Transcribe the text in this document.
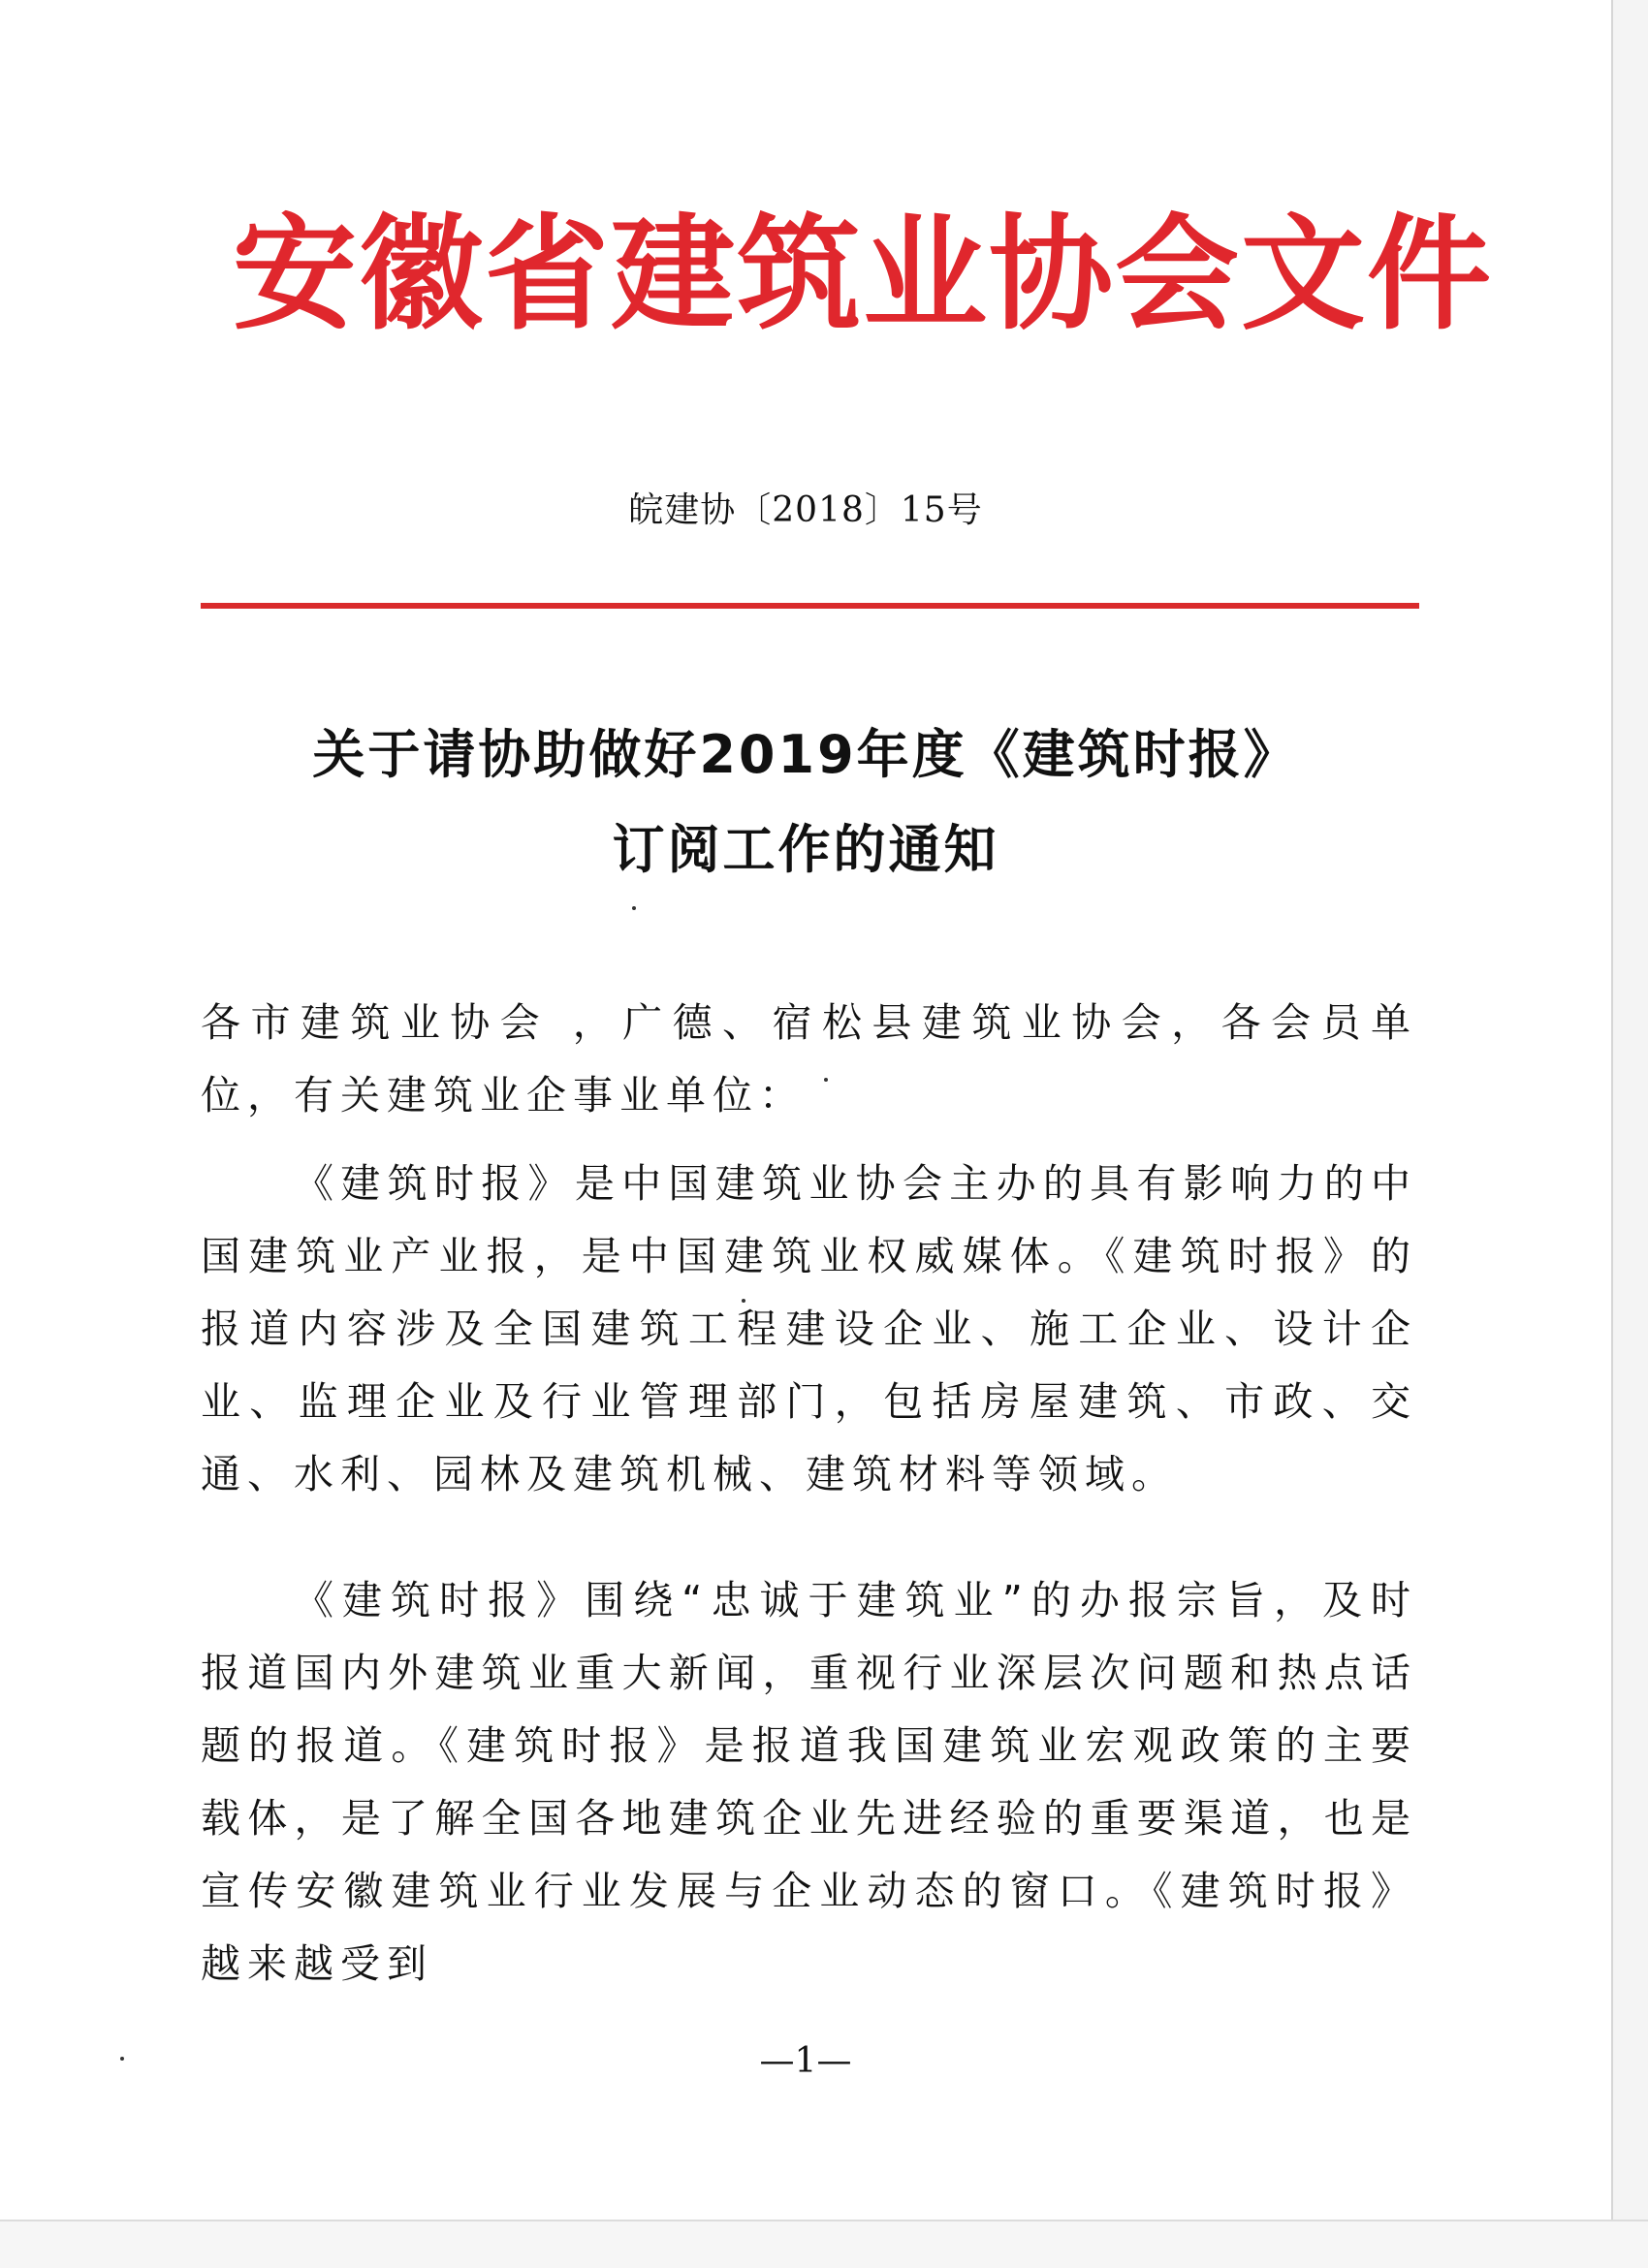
安徽省建筑业协会文件
皖建协〔2018〕15号
关于请协助做好2019年度《建筑时报》
订阅工作的通知

各市建筑业协会 ，广德、宿松县建筑业协会，各会员单位，有关建筑业企事业单位：

《建筑时报》是中国建筑业协会主办的具有影响力的中国建筑业产业报，是中国建筑业权威媒体。《建筑时报》的报道内容涉及全国建筑工程建设企业、施工企业、设计企业、监理企业及行业管理部门，包括房屋建筑、市政、交通、水利、园林及建筑机械、建筑材料等领域。

《建筑时报》围绕“忠诚于建筑业”的办报宗旨，及时报道国内外建筑业重大新闻，重视行业深层次问题和热点话题的报道。《建筑时报》是报道我国建筑业宏观政策的主要载体，是了解全国各地建筑企业先进经验的重要渠道，也是宣传安徽建筑业行业发展与企业动态的窗口。《建筑时报》越来越受到

—1—
